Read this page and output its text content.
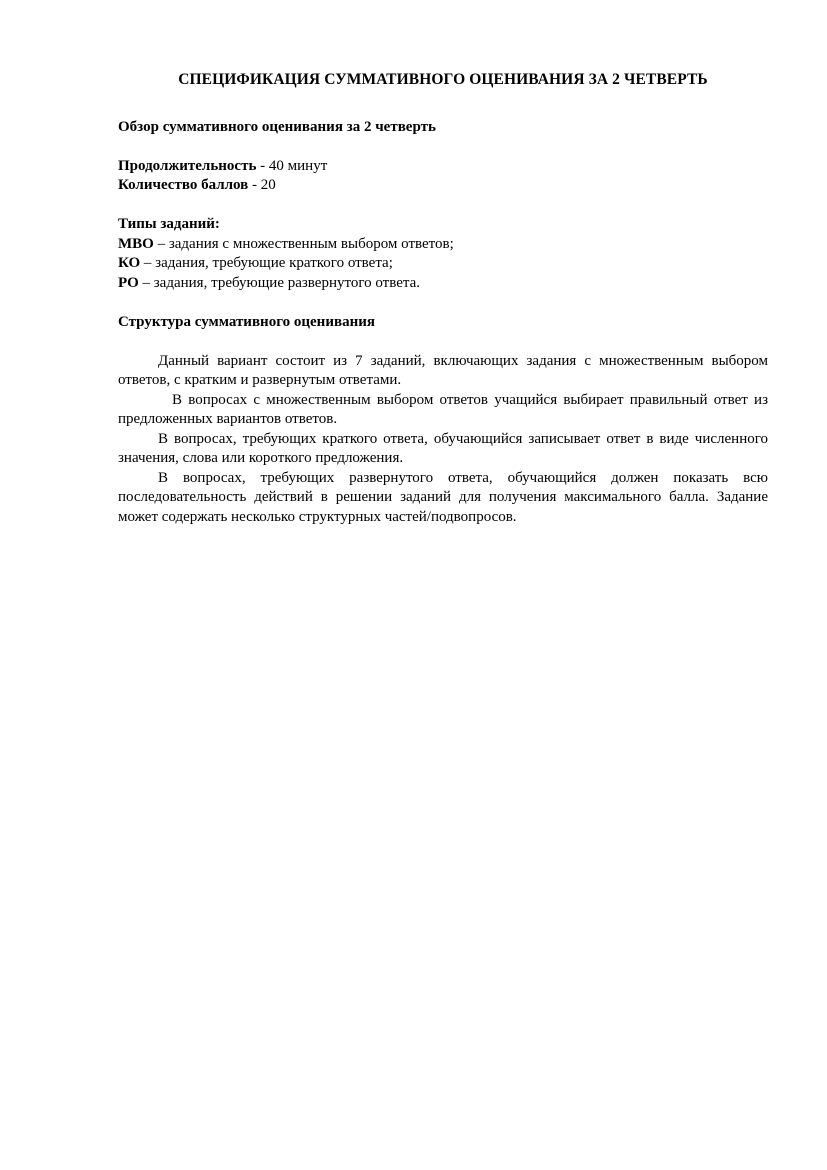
СПЕЦИФИКАЦИЯ СУММАТИВНОГО ОЦЕНИВАНИЯ ЗА 2 ЧЕТВЕРТЬ
Обзор суммативного оценивания за 2 четверть
Продолжительность - 40 минут
Количество баллов - 20
Типы заданий:
МВО – задания с множественным выбором ответов;
КО – задания, требующие краткого ответа;
РО – задания, требующие развернутого ответа.
Структура суммативного оценивания

Данный вариант состоит из 7 заданий, включающих задания с множественным выбором ответов, с кратким и развернутым ответами.

В вопросах с множественным выбором ответов учащийся выбирает правильный ответ из предложенных вариантов ответов.

В вопросах, требующих краткого ответа, обучающийся записывает ответ в виде численного значения, слова или короткого предложения.

В вопросах, требующих развернутого ответа, обучающийся должен показать всю последовательность действий в решении заданий для получения максимального балла. Задание может содержать несколько структурных частей/подвопросов.
